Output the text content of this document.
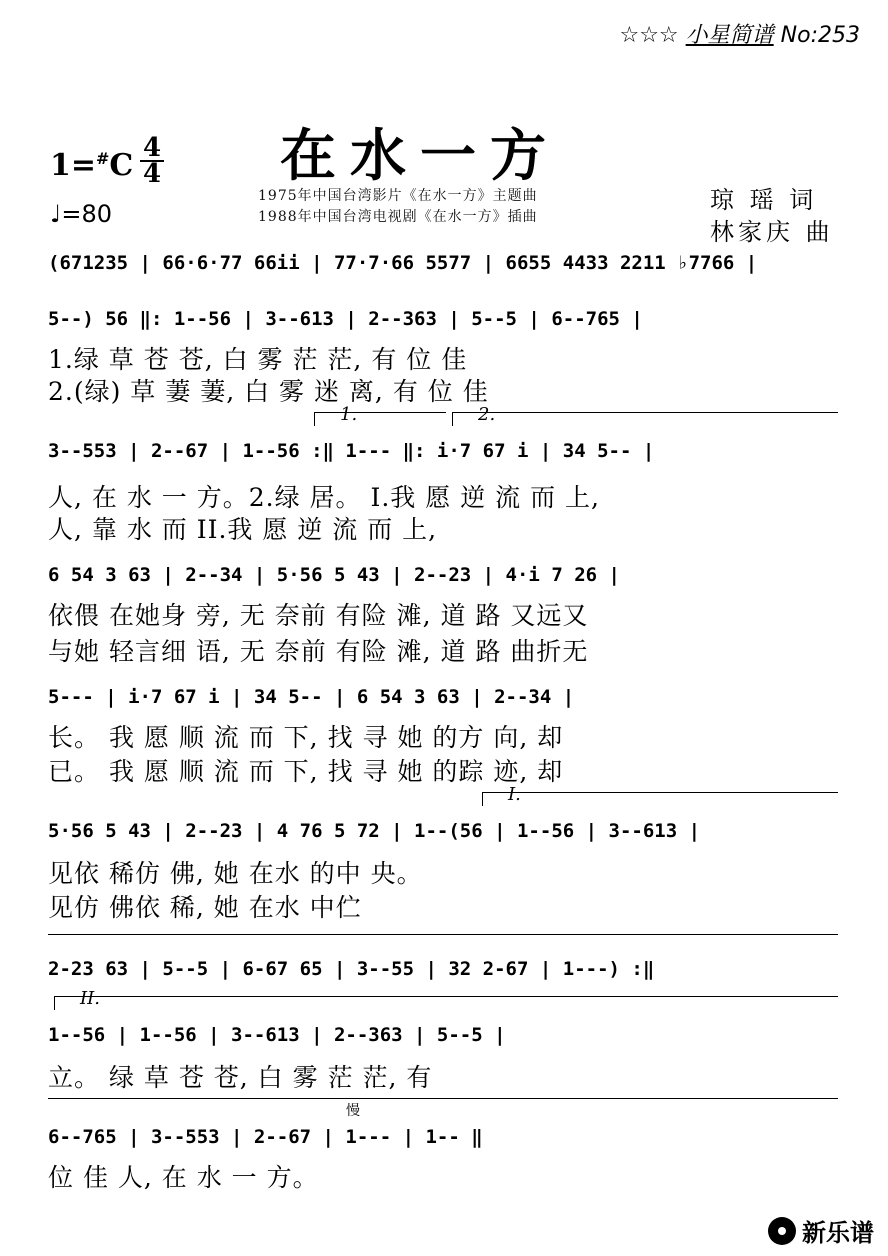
☆☆☆ 小星简谱 No:253
在水一方
1=#C 4
4
♩=80
1975年中国台湾影片《在水一方》主题曲
1988年中国台湾电视剧《在水一方》插曲
琼 瑶 词
林家庆 曲
(671235 | 66·6·77 66ii | 77·7·66 5577 | 6655 4433 2211 ♭7766 |
5--) 56 ‖: 1--56 | 3--613 | 2--363 | 5--5 | 6--765 |
1.绿 草 苍 苍, 白 雾 茫 茫, 有 位 佳
2.(绿) 草 萋 萋, 白 雾 迷 离, 有 位 佳
1.	2.
3--553 | 2--67 | 1--56 :‖ 1--- ‖: i·7 67 i | 34 5-- |
人, 在 水 一 方。2.绿 居。 I.我 愿 逆 流 而 上,
人, 靠 水 而 II.我 愿 逆 流 而 上,
6 54 3 63 | 2--34 | 5·56 5 43 | 2--23 | 4·i 7 26 |
依偎 在她身 旁, 无 奈前 有险 滩, 道 路 又远又
与她 轻言细 语, 无 奈前 有险 滩, 道 路 曲折无
5--- | i·7 67 i | 34 5-- | 6 54 3 63 | 2--34 |
长。 我 愿 顺 流 而 下, 找 寻 她 的方 向, 却
已。 我 愿 顺 流 而 下, 找 寻 她 的踪 迹, 却
I.
5·56 5 43 | 2--23 | 4 76 5 72 | 1--(56 | 1--56 | 3--613 |
见依 稀仿 佛, 她 在水 的中 央。
见仿 佛依 稀, 她 在水 中伫
2-23 63 | 5--5 | 6-67 65 | 3--55 | 32 2-67 | 1---) :‖
II.
1--56 | 1--56 | 3--613 | 2--363 | 5--5 |
立。 绿 草 苍 苍, 白 雾 茫 茫, 有
慢
6--765 | 3--553 | 2--67 | 1--- | 1-- ‖
位 佳 人, 在 水 一 方。
新乐谱
